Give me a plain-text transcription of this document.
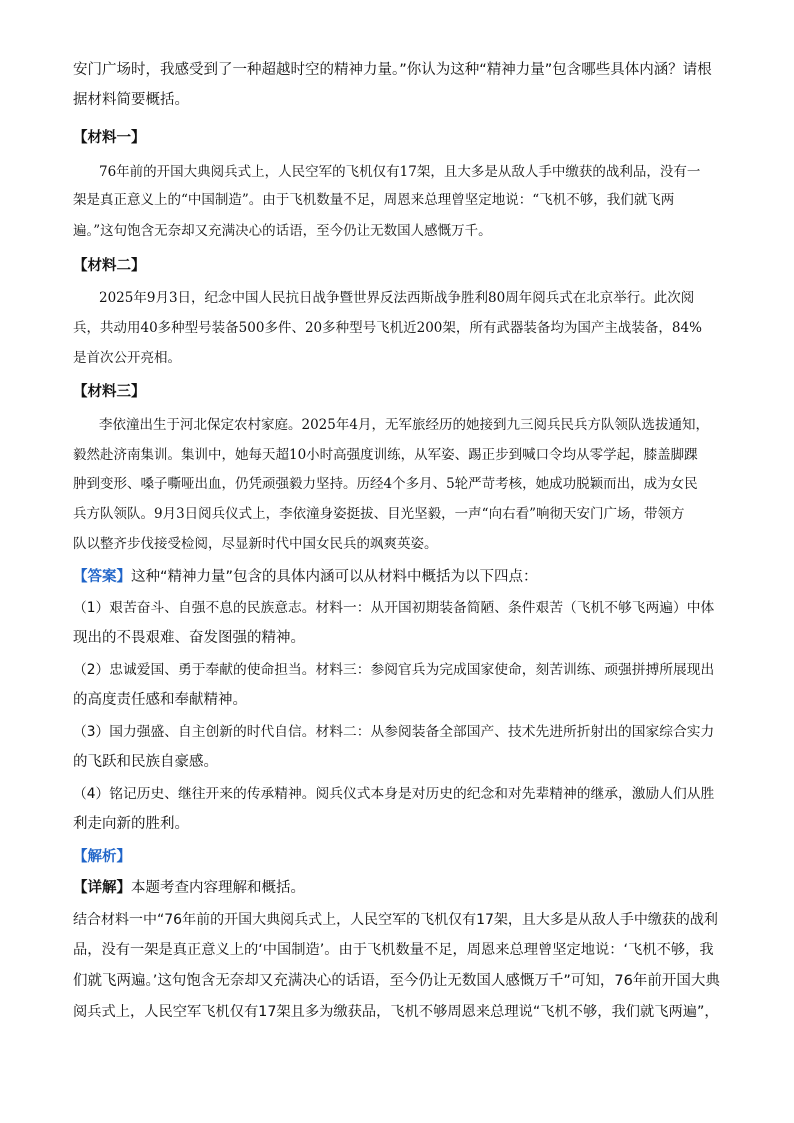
安门广场时，我感受到了一种超越时空的精神力量。”你认为这种“精神力量”包含哪些具体内涵？请根
据材料简要概括。
【材料一】
76年前的开国大典阅兵式上，人民空军的飞机仅有17架，且大多是从敌人手中缴获的战利品，没有一
架是真正意义上的“中国制造”。由于飞机数量不足，周恩来总理曾坚定地说：“飞机不够，我们就飞两
遍。”这句饱含无奈却又充满决心的话语，至今仍让无数国人感慨万千。
【材料二】
2025年9月3日，纪念中国人民抗日战争暨世界反法西斯战争胜利80周年阅兵式在北京举行。此次阅
兵，共动用40多种型号装备500多件、20多种型号飞机近200架，所有武器装备均为国产主战装备，84%
是首次公开亮相。
【材料三】
李依潼出生于河北保定农村家庭。2025年4月，无军旅经历的她接到九三阅兵民兵方队领队选拔通知，
毅然赴济南集训。集训中，她每天超10小时高强度训练，从军姿、踢正步到喊口令均从零学起，膝盖脚踝
肿到变形、嗓子嘶哑出血，仍凭顽强毅力坚持。历经4个多月、5轮严苛考核，她成功脱颖而出，成为女民
兵方队领队。9月3日阅兵仪式上，李依潼身姿挺拔、目光坚毅，一声“向右看”响彻天安门广场，带领方
队以整齐步伐接受检阅，尽显新时代中国女民兵的飒爽英姿。
【答案】这种“精神力量”包含的具体内涵可以从材料中概括为以下四点：
（1）艰苦奋斗、自强不息的民族意志。材料一：从开国初期装备简陋、条件艰苦（飞机不够飞两遍）中体
现出的不畏艰难、奋发图强的精神。
（2）忠诚爱国、勇于奉献的使命担当。材料三：参阅官兵为完成国家使命，刻苦训练、顽强拼搏所展现出
的高度责任感和奉献精神。
（3）国力强盛、自主创新的时代自信。材料二：从参阅装备全部国产、技术先进所折射出的国家综合实力
的飞跃和民族自豪感。
（4）铭记历史、继往开来的传承精神。阅兵仪式本身是对历史的纪念和对先辈精神的继承，激励人们从胜
利走向新的胜利。
【解析】
【详解】本题考查内容理解和概括。
结合材料一中“76年前的开国大典阅兵式上，人民空军的飞机仅有17架，且大多是从敌人手中缴获的战利
品，没有一架是真正意义上的‘中国制造’。由于飞机数量不足，周恩来总理曾坚定地说：‘飞机不够，我
们就飞两遍。’这句饱含无奈却又充满决心的话语，至今仍让无数国人感慨万千”可知，76年前开国大典
阅兵式上，人民空军飞机仅有17架且多为缴获品，飞机不够周恩来总理说“飞机不够，我们就飞两遍”，
